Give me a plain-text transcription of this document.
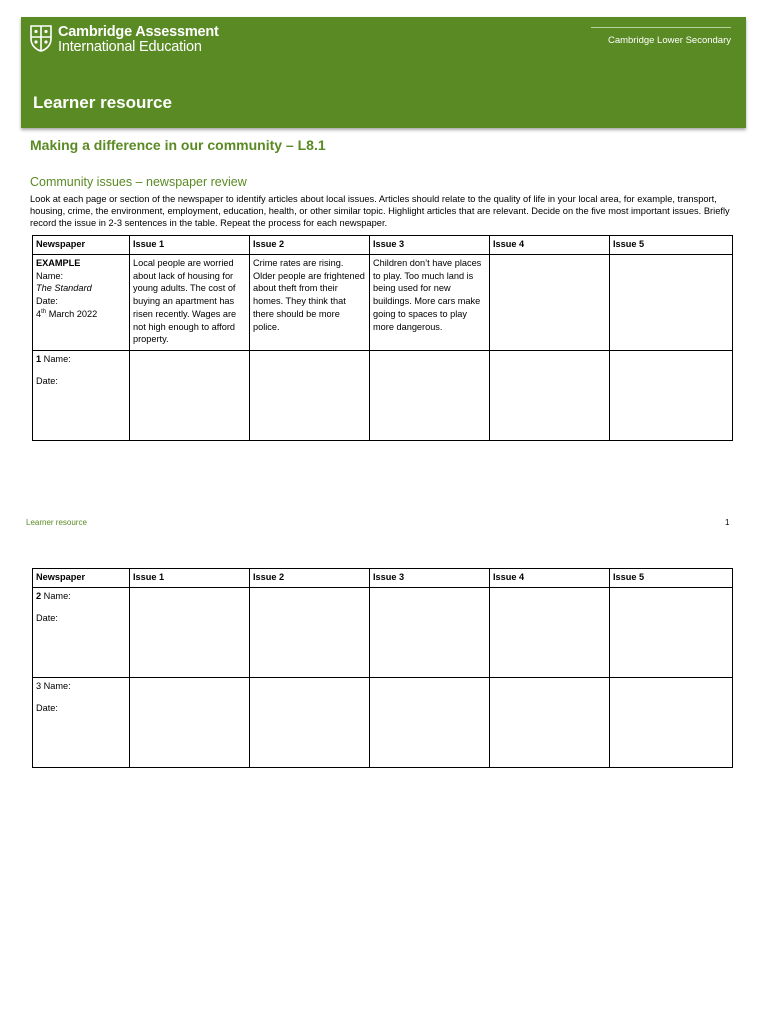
Cambridge Assessment
International Education	Cambridge Lower Secondary
Learner resource
Making a difference in our community – L8.1
Community issues – newspaper review
Look at each page or section of the newspaper to identify articles about local issues. Articles should relate to the quality of life in your local area, for example, transport, housing, crime, the environment, employment, education, health, or other similar topic. Highlight articles that are relevant. Decide on the five most important issues. Briefly record the issue in 2-3 sentences in the table. Repeat the process for each newspaper.
Newspaper	Issue 1	Issue 2	Issue 3	Issue 4	Issue 5

EXAMPLE
Name:
The Standard
Date:
4th March 2022	Local people are worried about lack of housing for young adults. The cost of buying an apartment has risen recently. Wages are not high enough to afford property.	Crime rates are rising. Older people are frightened about theft from their homes. They think that there should be more police.	Children don’t have places to play. Too much land is being used for new buildings. More cars make going to spaces to play more dangerous.		

1 Name:
Date:					

Learner resource	1
Newspaper	Issue 1	Issue 2	Issue 3	Issue 4	Issue 5

2 Name:
Date:					

3 Name:
Date:					
